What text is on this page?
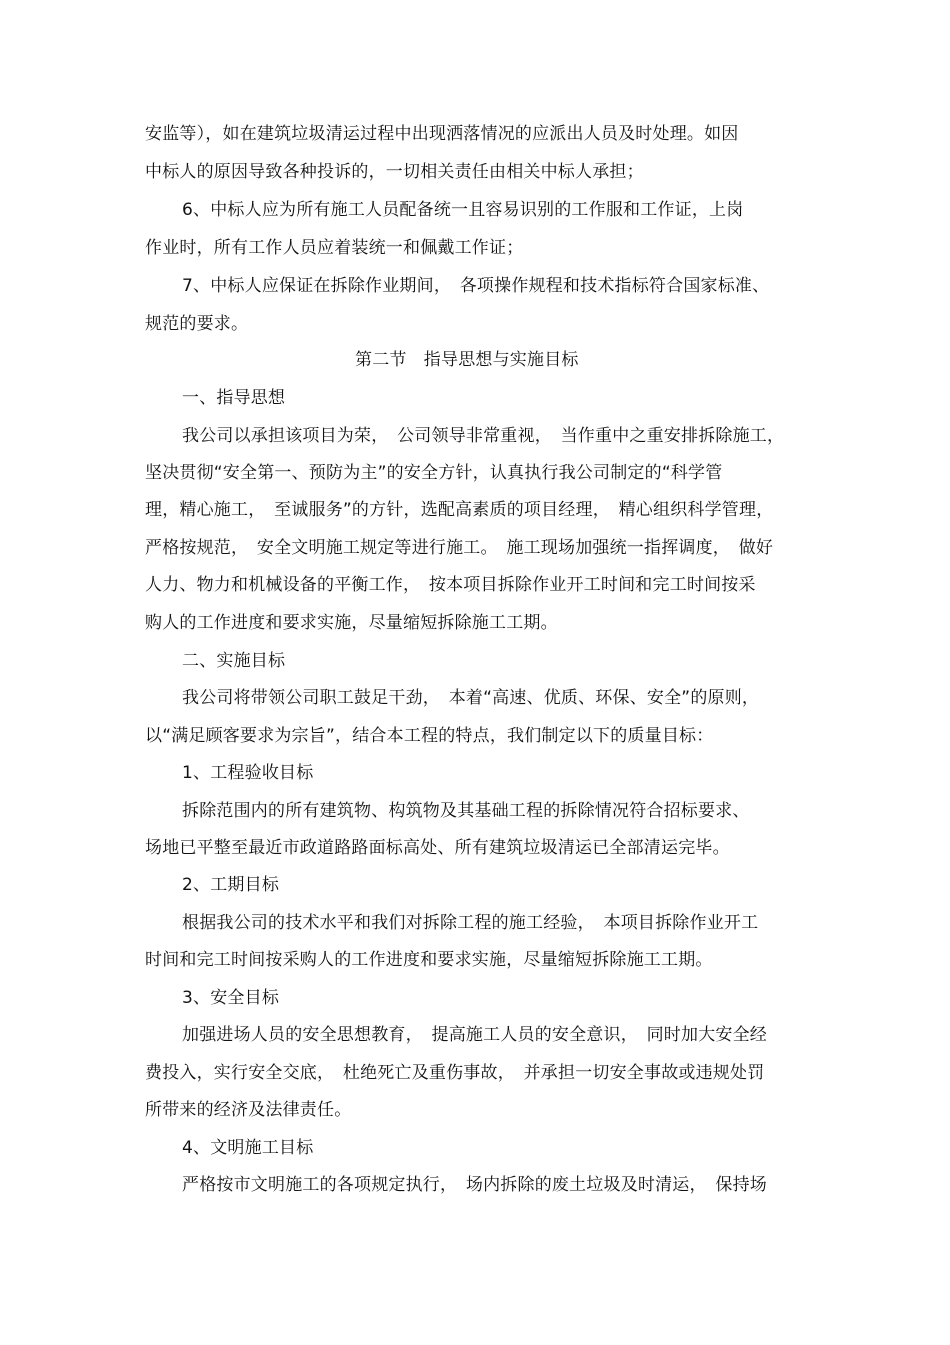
安监等），如在建筑垃圾清运过程中出现洒落情况的应派出人员及时处理。如因
中标人的原因导致各种投诉的，一切相关责任由相关中标人承担；
6、中标人应为所有施工人员配备统一且容易识别的工作服和工作证，上岗
作业时，所有工作人员应着装统一和佩戴工作证；
7、中标人应保证在拆除作业期间，　各项操作规程和技术指标符合国家标准、
规范的要求。
第二节　指导思想与实施目标
一、指导思想
我公司以承担该项目为荣，　公司领导非常重视，　当作重中之重安排拆除施工，
坚决贯彻“安全第一、预防为主”的安全方针，认真执行我公司制定的“科学管
理，精心施工，　至诚服务”的方针，选配高素质的项目经理，　精心组织科学管理，
严格按规范，　安全文明施工规定等进行施工。　施工现场加强统一指挥调度，　做好
人力、物力和机械设备的平衡工作，　按本项目拆除作业开工时间和完工时间按采
购人的工作进度和要求实施，尽量缩短拆除施工工期。
二、实施目标
我公司将带领公司职工鼓足干劲，　本着“高速、优质、环保、安全”的原则，
以“满足顾客要求为宗旨”，结合本工程的特点，我们制定以下的质量目标：
1、工程验收目标
拆除范围内的所有建筑物、构筑物及其基础工程的拆除情况符合招标要求、
场地已平整至最近市政道路路面标高处、所有建筑垃圾清运已全部清运完毕。
2、工期目标
根据我公司的技术水平和我们对拆除工程的施工经验，　本项目拆除作业开工
时间和完工时间按采购人的工作进度和要求实施，尽量缩短拆除施工工期。
3、安全目标
加强进场人员的安全思想教育，　提高施工人员的安全意识，　同时加大安全经
费投入，实行安全交底，　杜绝死亡及重伤事故，　并承担一切安全事故或违规处罚
所带来的经济及法律责任。
4、文明施工目标
严格按市文明施工的各项规定执行，　场内拆除的废土垃圾及时清运，　保持场
